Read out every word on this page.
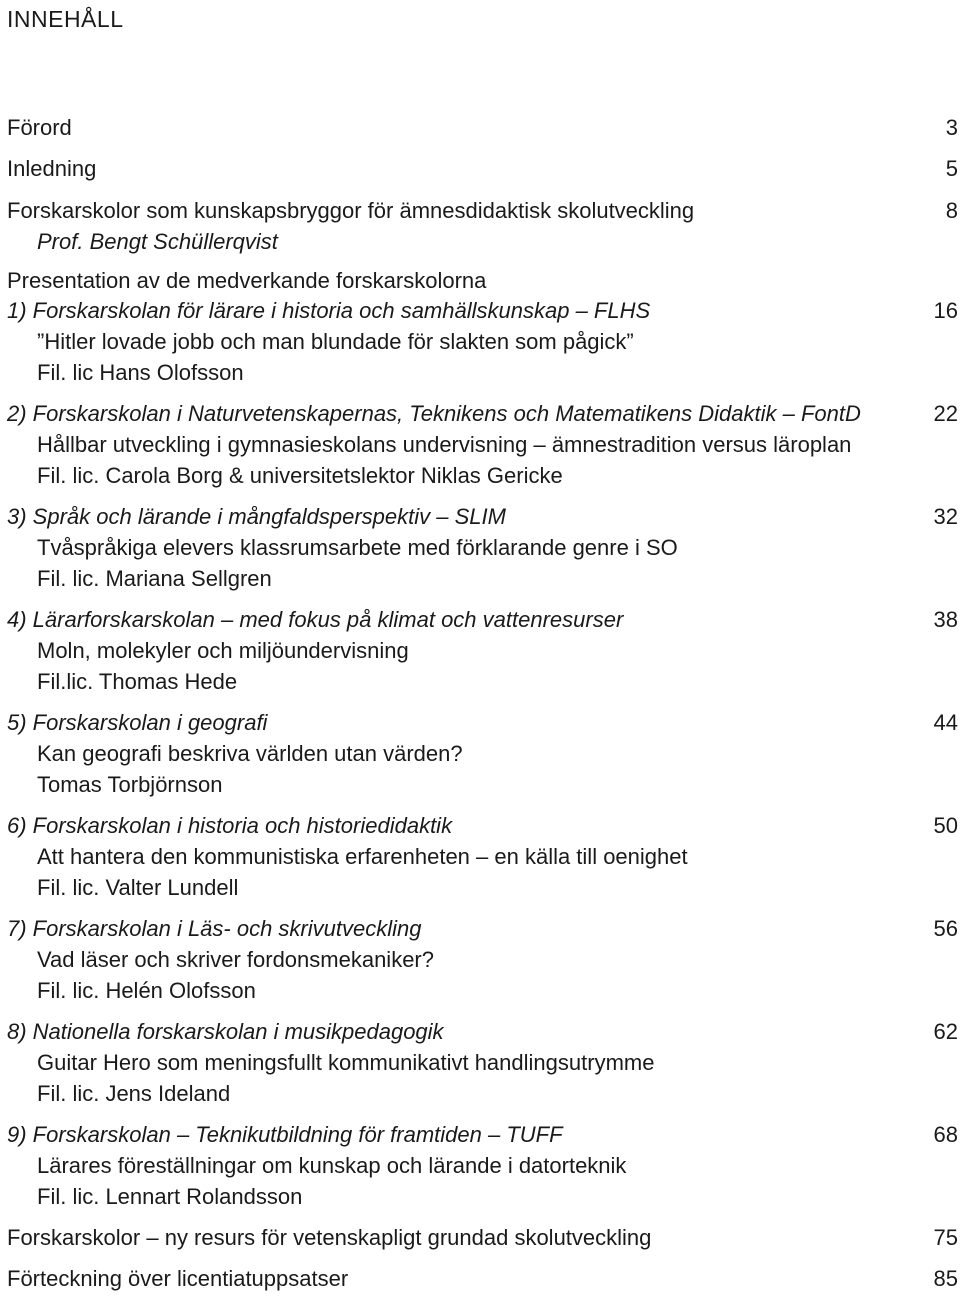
INNEHÅLL
Förord	3
Inledning	5
Forskarskolor som kunskapsbryggor för ämnesdidaktisk skolutveckling	8
Prof. Bengt Schüllerqvist
Presentation av de medverkande forskarskolorna
1) Forskarskolan för lärare i historia och samhällskunskap – FLHS	16
”Hitler lovade jobb och man blundade för slakten som pågick”
Fil. lic Hans Olofsson
2) Forskarskolan i Naturvetenskapernas, Teknikens och Matematikens Didaktik – FontD	22
Hållbar utveckling i gymnasieskolans undervisning – ämnestradition versus läroplan
Fil. lic. Carola Borg & universitetslektor Niklas Gericke
3) Språk och lärande i mångfaldsperspektiv – SLIM	32
Tvåspråkiga elevers klassrumsarbete med förklarande genre i SO
Fil. lic. Mariana Sellgren
4) Lärarforskarskolan – med fokus på klimat och vattenresurser	38
Moln, molekyler och miljöundervisning
Fil.lic. Thomas Hede
5) Forskarskolan i geografi	44
Kan geografi beskriva världen utan värden?
Tomas Torbjörnson
6) Forskarskolan i historia och historiedidaktik	50
Att hantera den kommunistiska erfarenheten – en källa till oenighet
Fil. lic. Valter Lundell
7) Forskarskolan i Läs- och skrivutveckling	56
Vad läser och skriver fordonsmekaniker?
Fil. lic. Helén Olofsson
8) Nationella forskarskolan i musikpedagogik	62
Guitar Hero som meningsfullt kommunikativt handlingsutrymme
Fil. lic. Jens Ideland
9) Forskarskolan – Teknikutbildning för framtiden – TUFF	68
Lärares föreställningar om kunskap och lärande i datorteknik
Fil. lic. Lennart Rolandsson
Forskarskolor – ny resurs för vetenskapligt grundad skolutveckling	75
Förteckning över licentiatuppsatser	85
